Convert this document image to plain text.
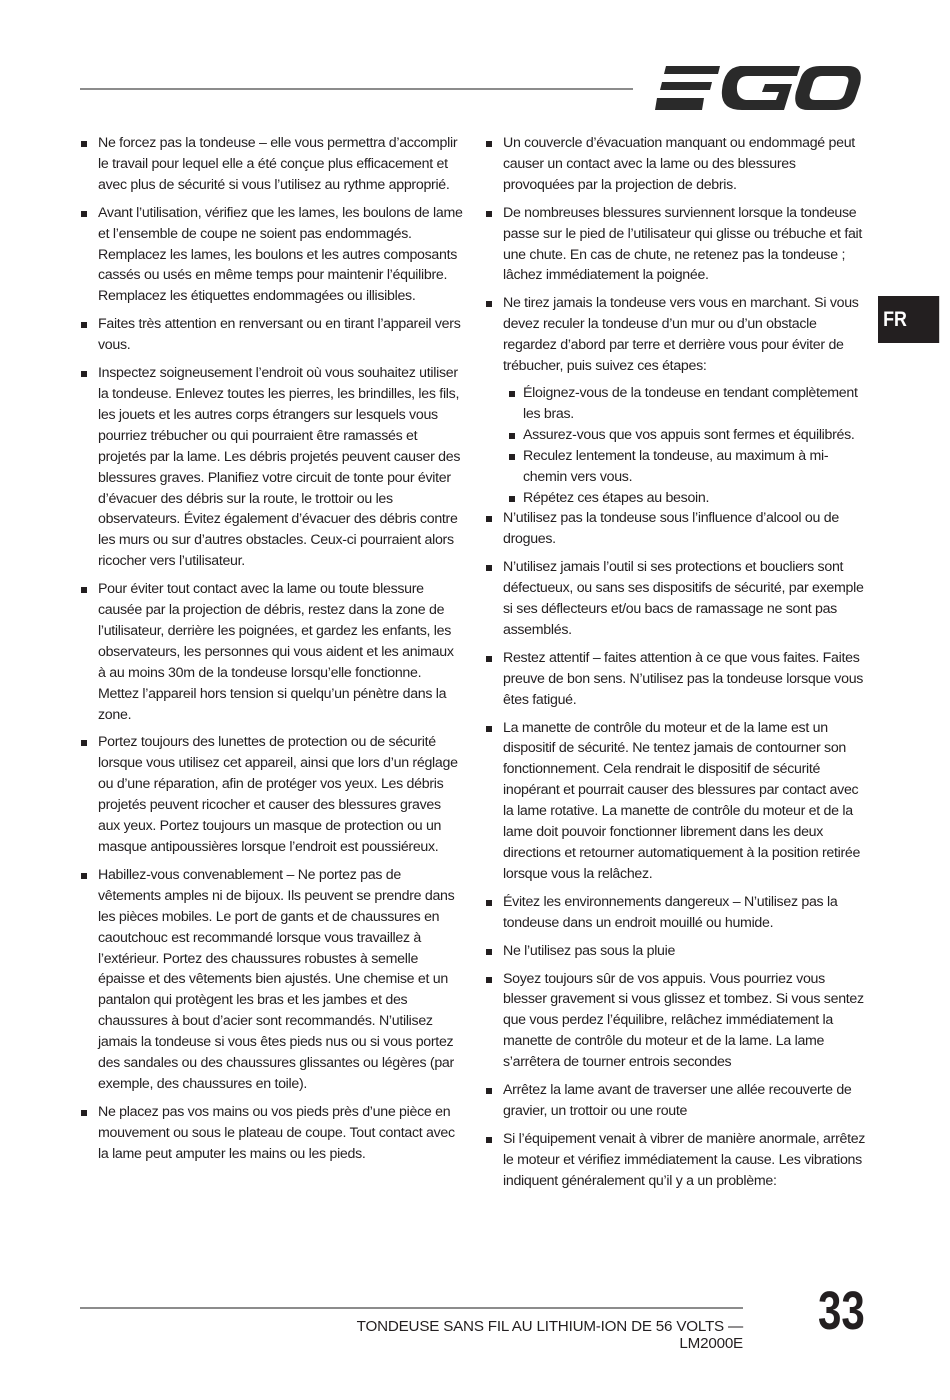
FR
Ne forcez pas la tondeuse – elle vous permettra d’accomplir le travail pour lequel elle a été conçue plus efficacement et avec plus de sécurité si vous l’utilisez au rythme approprié.
Avant l’utilisation, vérifiez que les lames, les boulons de lame et l’ensemble de coupe ne soient pas endommagés. Remplacez les lames, les boulons et les autres composants cassés ou usés en même temps pour maintenir l’équilibre. Remplacez les étiquettes endommagées ou illisibles.
Faites très attention en renversant ou en tirant l’appareil vers vous.
Inspectez soigneusement l’endroit où vous souhaitez utiliser la tondeuse. Enlevez toutes les pierres, les brindilles, les fils, les jouets et les autres corps étrangers sur lesquels vous pourriez trébucher ou qui pourraient être ramassés et projetés par la lame. Les débris projetés peuvent causer des blessures graves. Planifiez votre circuit de tonte pour éviter d’évacuer des débris sur la route, le trottoir ou les observateurs. Évitez également d’évacuer des débris contre les murs ou sur d’autres obstacles. Ceux-ci pourraient alors ricocher vers l’utilisateur.
Pour éviter tout contact avec la lame ou toute blessure causée par la projection de débris, restez dans la zone de l’utilisateur, derrière les poignées, et gardez les enfants, les observateurs, les personnes qui vous aident et les animaux à au moins 30m de la tondeuse lorsqu’elle fonctionne. Mettez l’appareil hors tension si quelqu’un pénètre dans la zone.
Portez toujours des lunettes de protection ou de sécurité lorsque vous utilisez cet appareil, ainsi que lors d’un réglage ou d’une réparation, afin de protéger vos yeux. Les débris projetés peuvent ricocher et causer des blessures graves aux yeux. Portez toujours un masque de protection ou un masque antipoussières lorsque l’endroit est poussiéreux.
Habillez-vous convenablement – Ne portez pas de vêtements amples ni de bijoux. Ils peuvent se prendre dans les pièces mobiles. Le port de gants et de chaussures en caoutchouc est recommandé lorsque vous travaillez à l’extérieur. Portez des chaussures robustes à semelle épaisse et des vêtements bien ajustés. Une chemise et un pantalon qui protègent les bras et les jambes et des chaussures à bout d’acier sont recommandés. N’utilisez jamais la tondeuse si vous êtes pieds nus ou si vous portez des sandales ou des chaussures glissantes ou légères (par exemple, des chaussures en toile).
Ne placez pas vos mains ou vos pieds près d’une pièce en mouvement ou sous le plateau de coupe. Tout contact avec la lame peut amputer les mains ou les pieds.
Un couvercle d’évacuation manquant ou endommagé peut causer un contact avec la lame ou des blessures provoquées par la projection de debris.
De nombreuses blessures surviennent lorsque la tondeuse passe sur le pied de l’utilisateur qui glisse ou trébuche et fait une chute. En cas de chute, ne retenez pas la tondeuse ; lâchez immédiatement la poignée.
Ne tirez jamais la tondeuse vers vous en marchant. Si vous devez reculer la tondeuse d’un mur ou d’un obstacle regardez d’abord par terre et derrière vous pour éviter de trébucher, puis suivez ces étapes:
Éloignez-vous de la tondeuse en tendant complètement les bras.
Assurez-vous que vos appuis sont fermes et équilibrés.
Reculez lentement la tondeuse, au maximum à mi-chemin vers vous.
Répétez ces étapes au besoin.
N’utilisez pas la tondeuse sous l’influence d’alcool ou de drogues.
N’utilisez jamais l’outil si ses protections et boucliers sont défectueux, ou sans ses dispositifs de sécurité, par exemple si ses déflecteurs et/ou bacs de ramassage ne sont pas assemblés.
Restez attentif – faites attention à ce que vous faites. Faites preuve de bon sens. N’utilisez pas la tondeuse lorsque vous êtes fatigué.
La manette de contrôle du moteur et de la lame est un dispositif de sécurité. Ne tentez jamais de contourner son fonctionnement. Cela rendrait le dispositif de sécurité inopérant et pourrait causer des blessures par contact avec la lame rotative. La manette de contrôle du moteur et de la lame doit pouvoir fonctionner librement dans les deux directions et retourner automatiquement à la position retirée lorsque vous la relâchez.
Évitez les environnements dangereux – N’utilisez pas la tondeuse dans un endroit mouillé ou humide.
Ne l’utilisez pas sous la pluie
Soyez toujours sûr de vos appuis. Vous pourriez vous blesser gravement si vous glissez et tombez. Si vous sentez que vous perdez l’équilibre, relâchez immédiatement la manette de contrôle du moteur et de la lame. La lame s’arrêtera de tourner entrois secondes
Arrêtez la lame avant de traverser une allée recouverte de gravier, un trottoir ou une route
Si l’équipement venait à vibrer de manière anormale, arrêtez le moteur et vérifiez immédiatement la cause. Les vibrations indiquent généralement qu’il y a un problème:
TONDEUSE SANS FIL AU LITHIUM-ION DE 56 VOLTS — LM2000E
33
